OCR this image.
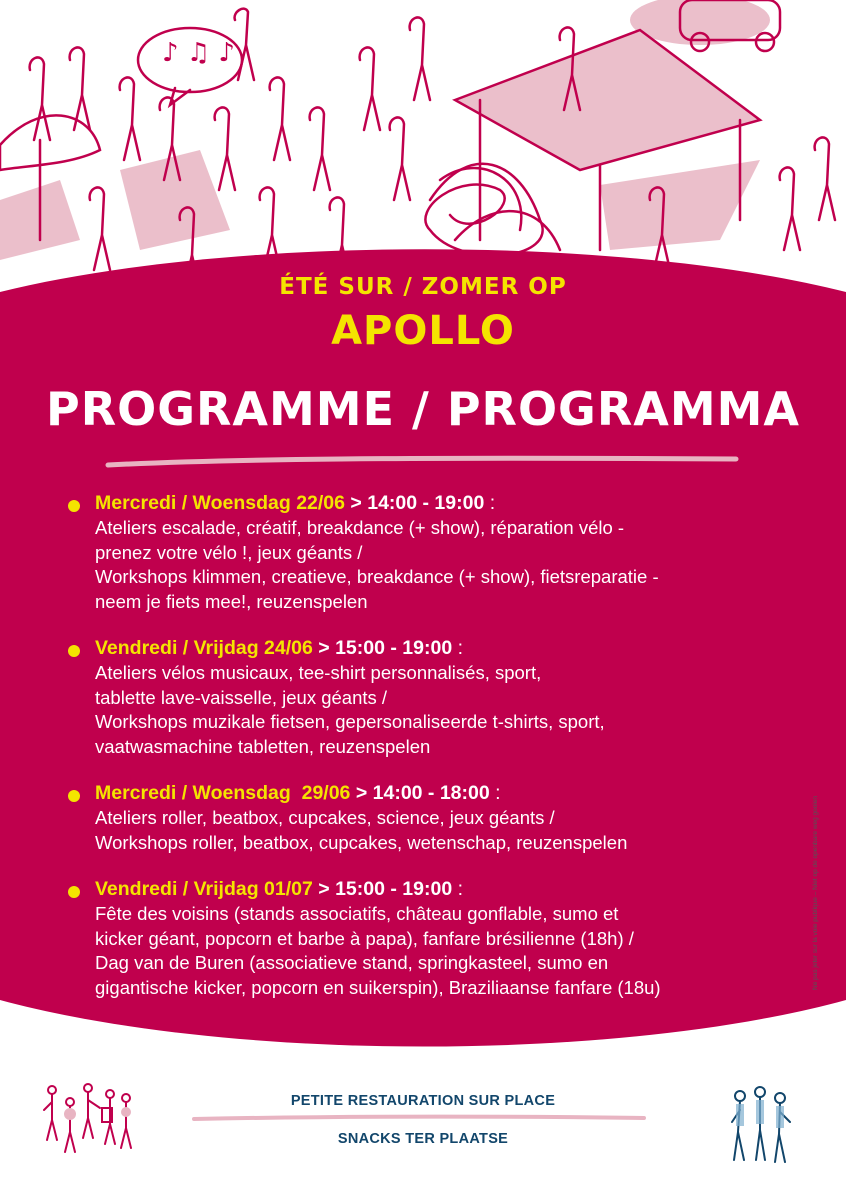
♪ ♫ ♪
ÉTÉ SUR / ZOMER OP
APOLLO
PROGRAMME / PROGRAMMA
Mercredi / Woensdag 22/06 > 14:00 - 19:00 :
Ateliers escalade, créatif, breakdance (+ show), réparation vélo -
prenez votre vélo !, jeux géants /
Workshops klimmen, creatieve, breakdance (+ show), fietsreparatie -
neem je fiets mee!, reuzenspelen
Vendredi / Vrijdag 24/06 > 15:00 - 19:00 :
Ateliers vélos musicaux, tee-shirt personnalisés, sport,
tablette lave-vaisselle, jeux géants /
Workshops muzikale fietsen, gepersonaliseerde t-shirts, sport,
vaatwasmachine tabletten, reuzenspelen
Mercredi / Woensdag  29/06 > 14:00 - 18:00 :
Ateliers roller, beatbox, cupcakes, science, jeux géants /
Workshops roller, beatbox, cupcakes, wetenschap, reuzenspelen
Vendredi / Vrijdag 01/07 > 15:00 - 19:00 :
Fête des voisins (stands associatifs, château gonflable, sumo et
kicker géant, popcorn et barbe à papa), fanfare brésilienne (18h) /
Dag van de Buren (associatieve stand, springkasteel, sumo en
gigantische kicker, popcorn en suikerspin), Braziliaanse fanfare (18u)	Ne pas jeter sur la voie publique – Niet op de openbare weg gooien
PETITE RESTAURATION SUR PLACE
SNACKS TER PLAATSE
